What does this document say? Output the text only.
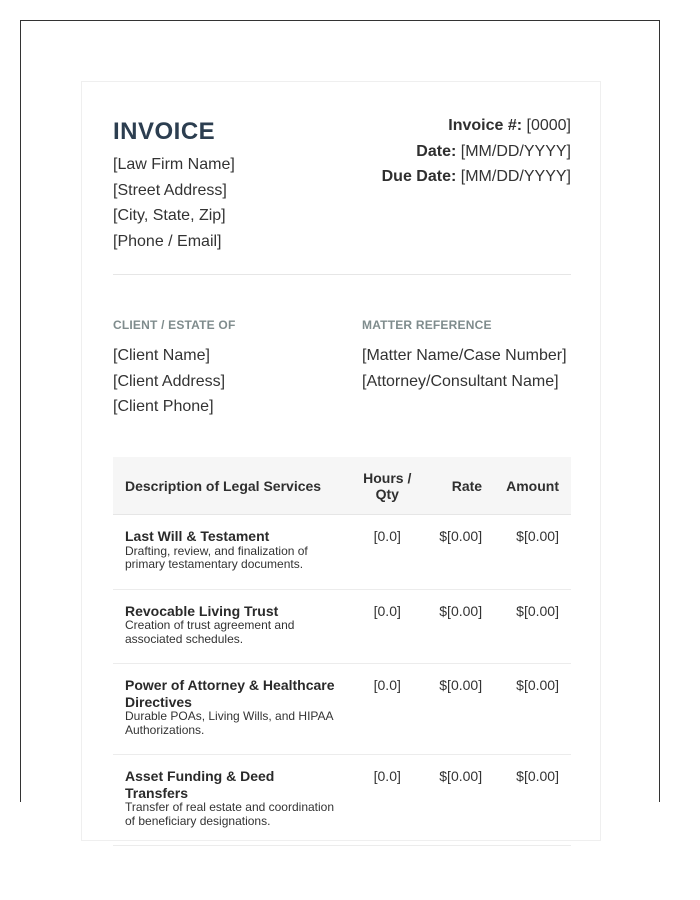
INVOICE
[Law Firm Name]
[Street Address]
[City, State, Zip]
[Phone / Email]
Invoice #: [0000]
Date: [MM/DD/YYYY]
Due Date: [MM/DD/YYYY]
CLIENT / ESTATE OF
[Client Name]
[Client Address]
[Client Phone]
MATTER REFERENCE
[Matter Name/Case Number]
[Attorney/Consultant Name]
Description of Legal Services	Hours / Qty	Rate	Amount

Last Will & Testament
Drafting, review, and finalization of primary testamentary documents.	[0.0]	$[0.00]	$[0.00]

Revocable Living Trust
Creation of trust agreement and associated schedules.	[0.0]	$[0.00]	$[0.00]

Power of Attorney & Healthcare Directives
Durable POAs, Living Wills, and HIPAA Authorizations.	[0.0]	$[0.00]	$[0.00]

Asset Funding & Deed Transfers
Transfer of real estate and coordination of beneficiary designations.	[0.0]	$[0.00]	$[0.00]
